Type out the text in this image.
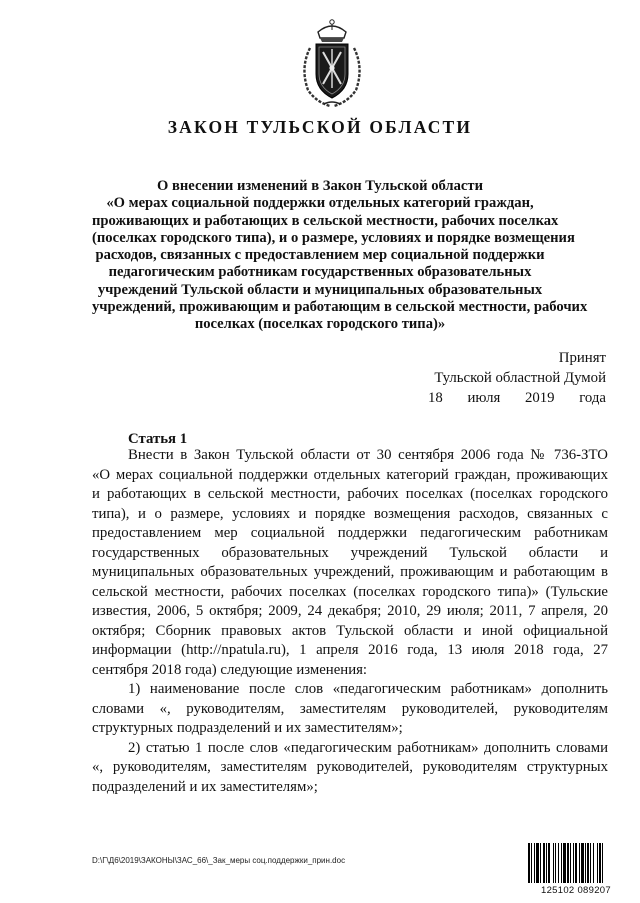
ЗАКОН ТУЛЬСКОЙ ОБЛАСТИ
О внесении изменений в Закон Тульской области
«О мерах социальной поддержки отдельных категорий граждан,
проживающих и работающих в сельской местности, рабочих поселках
(поселках городского типа), и о размере, условиях и порядке возмещения
расходов, связанных с предоставлением мер социальной поддержки
педагогическим работникам государственных образовательных
учреждений Тульской области и муниципальных образовательных
учреждений, проживающим и работающим в сельской местности, рабочих
поселках (поселках городского типа)»
Принят
Тульской областной Думой
18 июля 2019 года
Статья 1
Внести в Закон Тульской области от 30 сентября 2006 года № 736-ЗТО
«О мерах социальной поддержки отдельных категорий граждан, проживающих
и работающих в сельской местности, рабочих поселках (поселках городского
типа), и о размере, условиях и порядке возмещения расходов, связанных с
предоставлением мер социальной поддержки педагогическим работникам
государственных образовательных учреждений Тульской области и
муниципальных образовательных учреждений, проживающим и работающим в
сельской местности, рабочих поселках (поселках городского типа)» (Тульские
известия, 2006, 5 октября; 2009, 24 декабря; 2010, 29 июля; 2011, 7 апреля, 20
октября; Сборник правовых актов Тульской области и иной официальной
информации (http://npatula.ru), 1 апреля 2016 года, 13 июля 2018 года, 27
сентября 2018 года) следующие изменения:
1) наименование после слов «педагогическим работникам» дополнить
словами «, руководителям, заместителям руководителей, руководителям
структурных подразделений и их заместителям»;
2) статью 1 после слов «педагогическим работникам» дополнить словами
«, руководителям, заместителям руководителей, руководителям структурных
подразделений и их заместителям»;
D:\Г\Д6\2019\ЗАКОНЫ\ЗАС_66\_Зак_меры соц.поддержки_прин.doc
125102 089207
